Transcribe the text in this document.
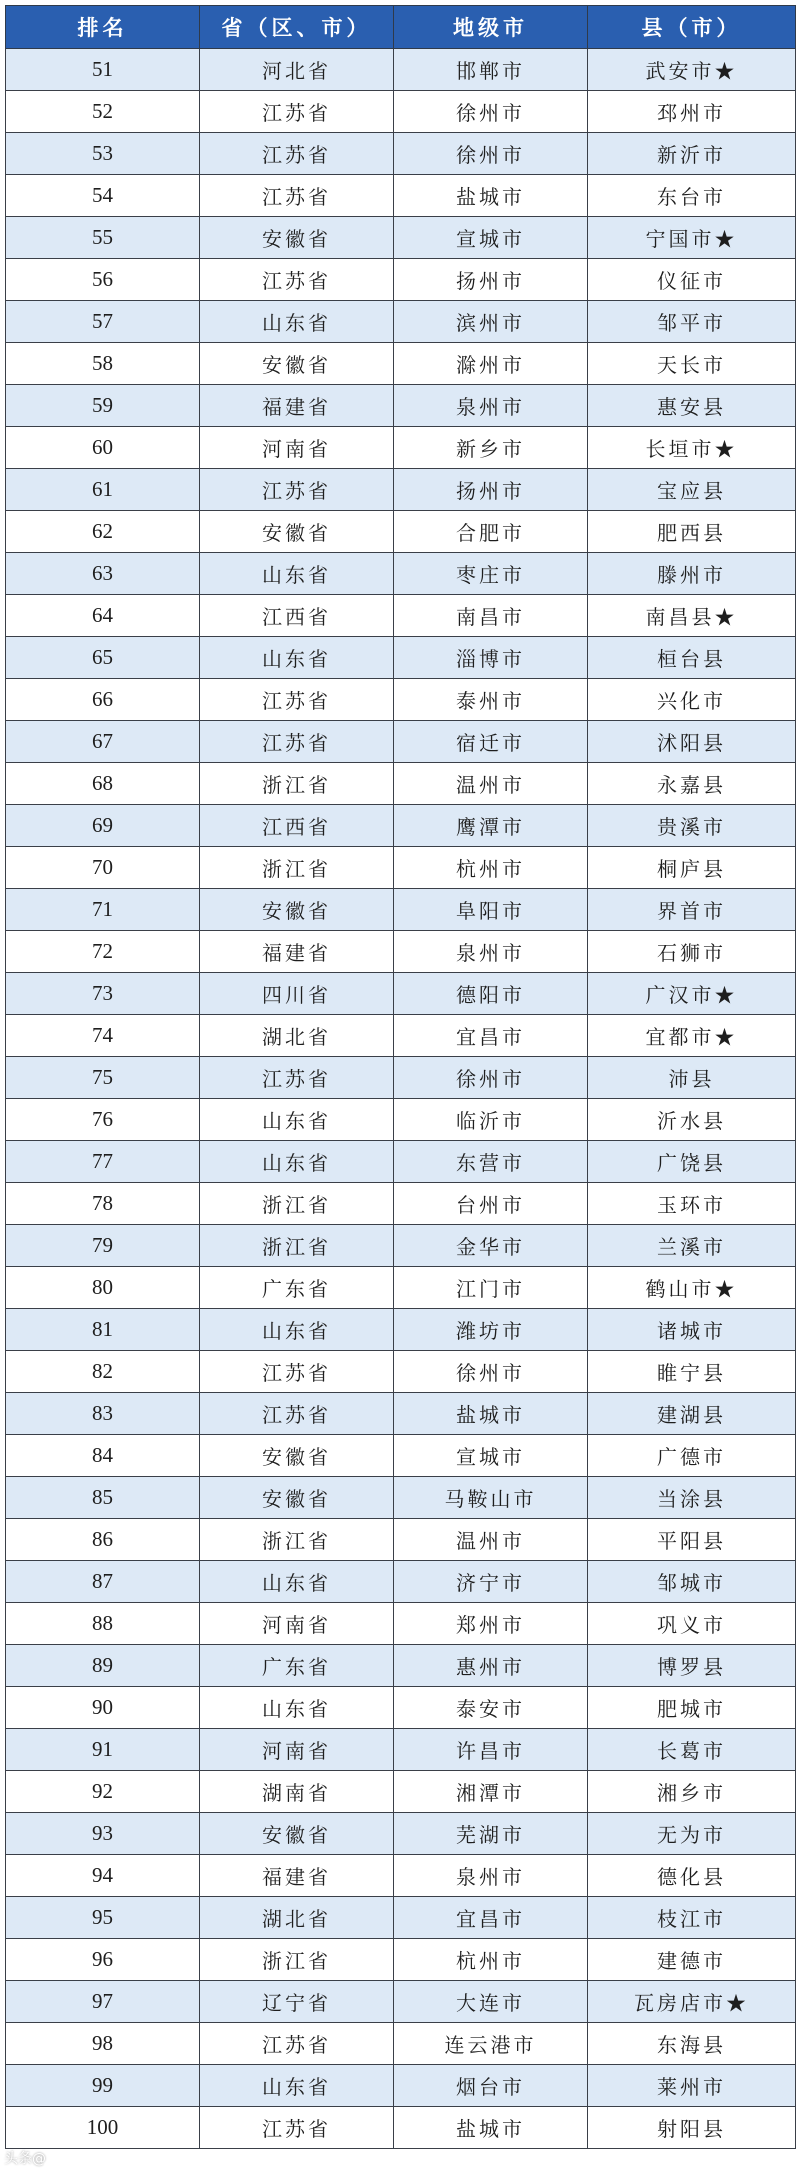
排名	省（区、市）	地级市	县（市）
51	河北省	邯郸市	武安市★
52	江苏省	徐州市	邳州市
53	江苏省	徐州市	新沂市
54	江苏省	盐城市	东台市
55	安徽省	宣城市	宁国市★
56	江苏省	扬州市	仪征市
57	山东省	滨州市	邹平市
58	安徽省	滁州市	天长市
59	福建省	泉州市	惠安县
60	河南省	新乡市	长垣市★
61	江苏省	扬州市	宝应县
62	安徽省	合肥市	肥西县
63	山东省	枣庄市	滕州市
64	江西省	南昌市	南昌县★
65	山东省	淄博市	桓台县
66	江苏省	泰州市	兴化市
67	江苏省	宿迁市	沭阳县
68	浙江省	温州市	永嘉县
69	江西省	鹰潭市	贵溪市
70	浙江省	杭州市	桐庐县
71	安徽省	阜阳市	界首市
72	福建省	泉州市	石狮市
73	四川省	德阳市	广汉市★
74	湖北省	宜昌市	宜都市★
75	江苏省	徐州市	沛县
76	山东省	临沂市	沂水县
77	山东省	东营市	广饶县
78	浙江省	台州市	玉环市
79	浙江省	金华市	兰溪市
80	广东省	江门市	鹤山市★
81	山东省	潍坊市	诸城市
82	江苏省	徐州市	睢宁县
83	江苏省	盐城市	建湖县
84	安徽省	宣城市	广德市
85	安徽省	马鞍山市	当涂县
86	浙江省	温州市	平阳县
87	山东省	济宁市	邹城市
88	河南省	郑州市	巩义市
89	广东省	惠州市	博罗县
90	山东省	泰安市	肥城市
91	河南省	许昌市	长葛市
92	湖南省	湘潭市	湘乡市
93	安徽省	芜湖市	无为市
94	福建省	泉州市	德化县
95	湖北省	宜昌市	枝江市
96	浙江省	杭州市	建德市
97	辽宁省	大连市	瓦房店市★
98	江苏省	连云港市	东海县
99	山东省	烟台市	莱州市
100	江苏省	盐城市	射阳县
头条@
